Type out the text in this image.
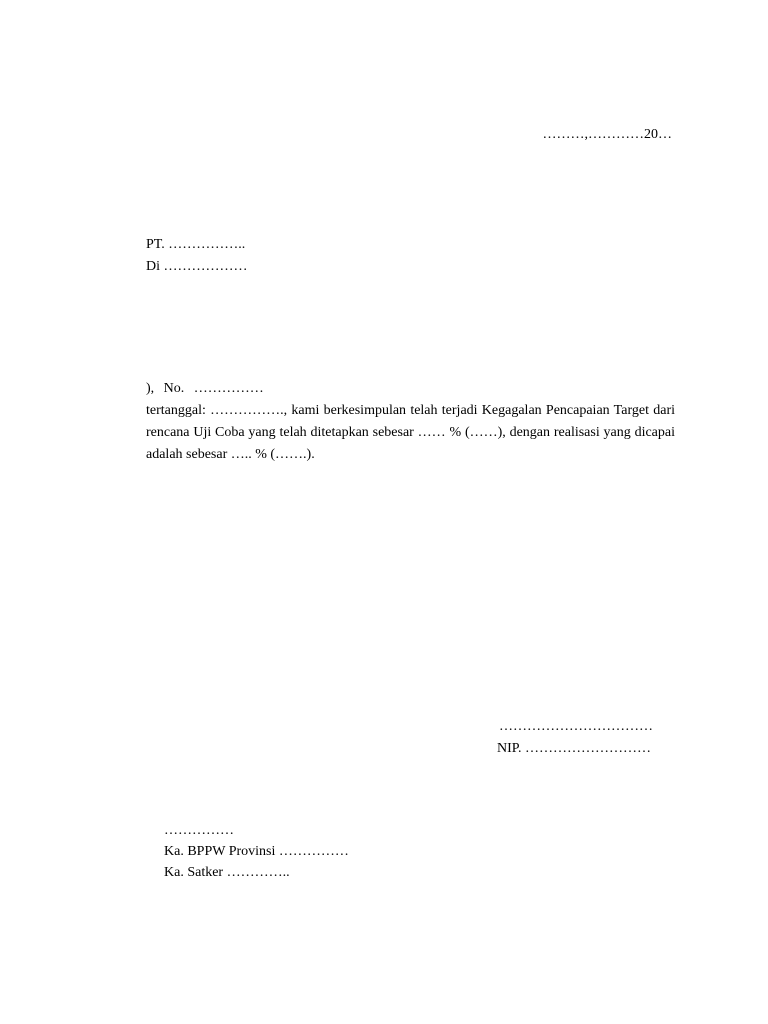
………,…………20…
PT. ……………..
Di ………………
), No. ……………
tertanggal: ……………., kami berkesimpulan telah terjadi Kegagalan Pencapaian Target dari rencana Uji Coba yang telah ditetapkan sebesar …… % (……), dengan realisasi yang dicapai adalah sebesar ….. % (…….).
……………………………
NIP. ………………………
……………
Ka. BPPW Provinsi ……………
Ka. Satker …………..
